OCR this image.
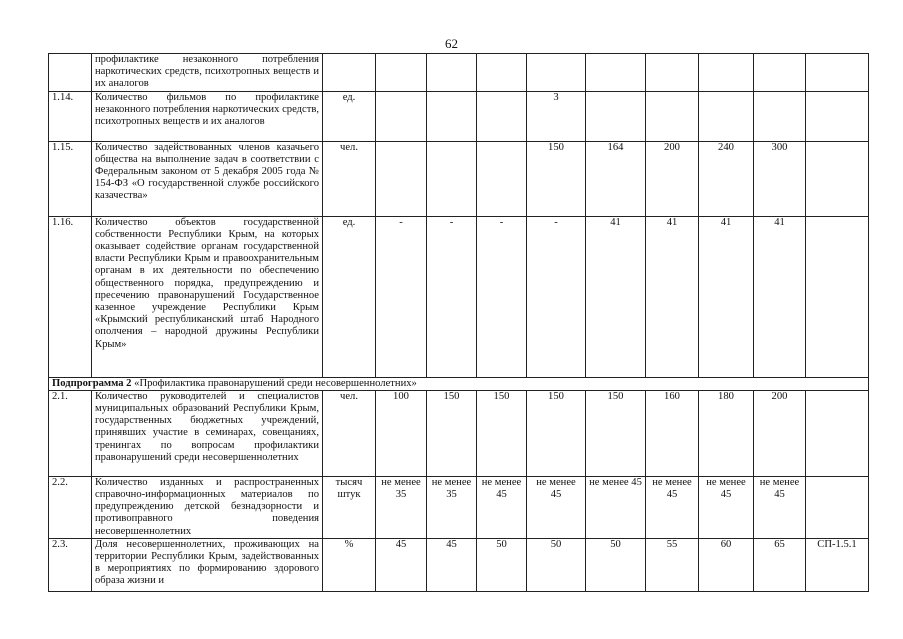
62
	профилактике незаконного потребления наркотических средств, психотропных веществ и их аналогов										
1.14.	Количество фильмов по профилактике незаконного потребления наркотических средств, психотропных веществ и их аналогов	ед.				3					
1.15.	Количество задействованных членов казачьего общества на выполнение задач в соответствии с Федеральным законом от 5 декабря 2005 года № 154-ФЗ «О государственной службе российского казачества»	чел.				150	164	200	240	300	
1.16.	Количество объектов государственной собственности Республики Крым, на которых оказывает содействие органам государственной власти Республики Крым и правоохранительным органам в их деятельности по обеспечению общественного порядка, предупреждению и пресечению правонарушений Государственное казенное учреждение Республики Крым «Крымский республиканский штаб Народного ополчения – народной дружины Республики Крым»	ед.	-	-	-	-	41	41	41	41	
Подпрограмма 2 «Профилактика правонарушений среди несовершеннолетних»											
2.1.	Количество руководителей и специалистов муниципальных образований Республики Крым, государственных бюджетных учреждений, принявших участие в семинарах, совещаниях, тренингах по вопросам профилактики правонарушений среди несовершеннолетних	чел.	100	150	150	150	150	160	180	200	
2.2.	Количество изданных и распространенных справочно-информационных материалов по предупреждению детской безнадзорности и противоправного поведения несовершеннолетних	тысяч штук	не менее 35	не менее 35	не менее 45	не менее 45	не менее 45	не менее 45	не менее 45	не менее 45	
2.3.	Доля несовершеннолетних, проживающих на территории Республики Крым, задействованных в мероприятиях по формированию здорового образа жизни и	%	45	45	50	50	50	55	60	65	СП-1.5.1
